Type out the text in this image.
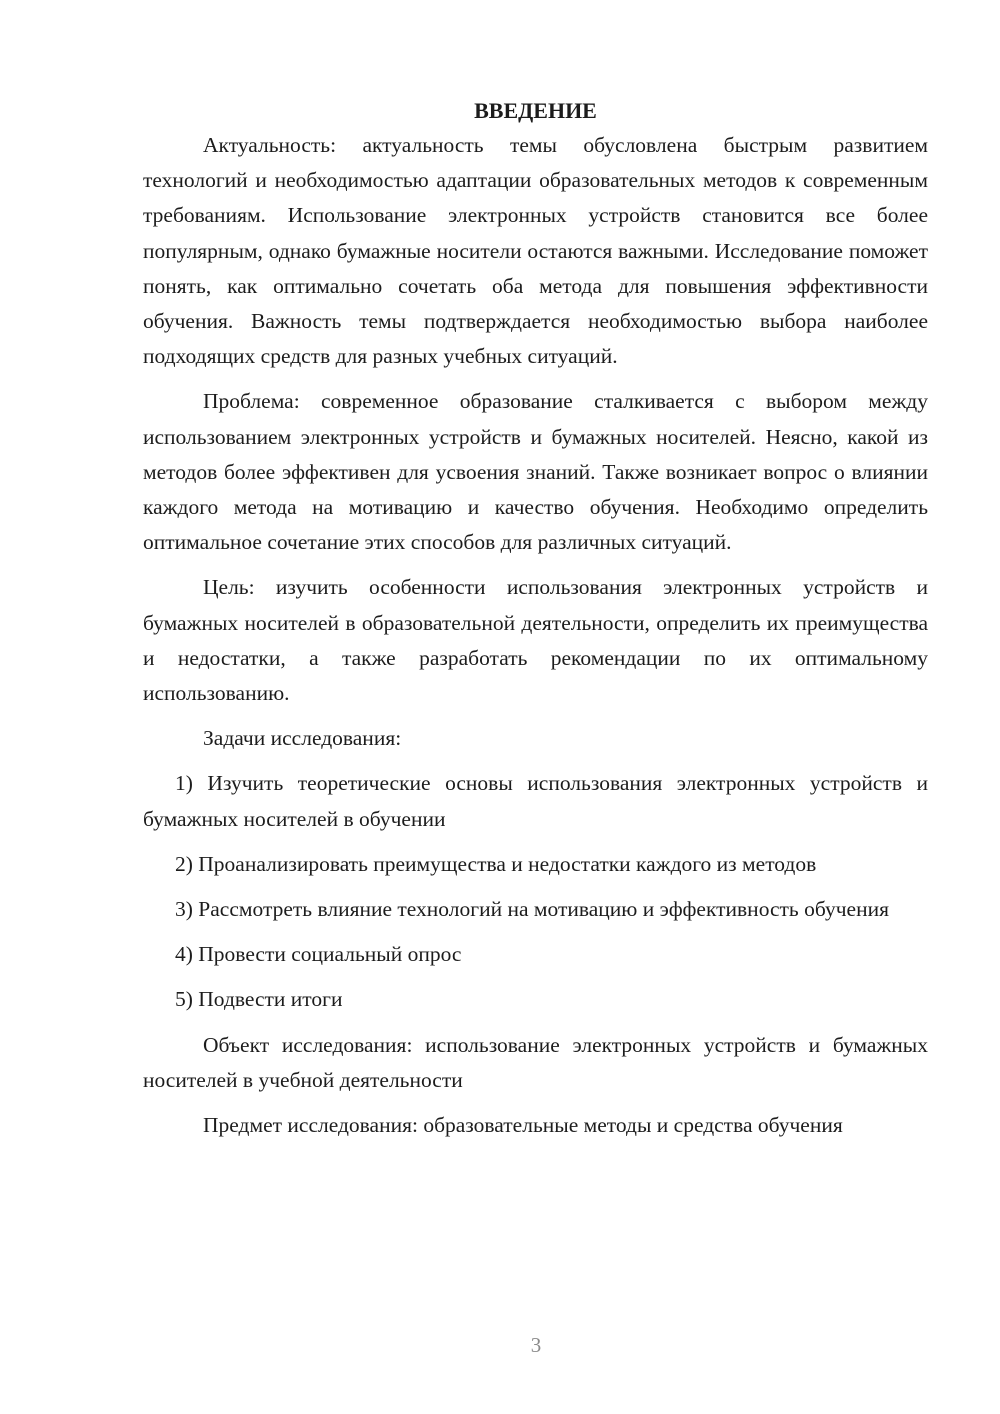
ВВЕДЕНИЕ

Актуальность: актуальность темы обусловлена быстрым развитием технологий и необходимостью адаптации образовательных методов к современным требованиям. Использование электронных устройств становится все более популярным, однако бумажные носители остаются важными. Исследование поможет понять, как оптимально сочетать оба метода для повышения эффективности обучения. Важность темы подтверждается необходимостью выбора наиболее подходящих средств для разных учебных ситуаций.

Проблема: современное образование сталкивается с выбором между использованием электронных устройств и бумажных носителей. Неясно, какой из методов более эффективен для усвоения знаний. Также возникает вопрос о влиянии каждого метода на мотивацию и качество обучения. Необходимо определить оптимальное сочетание этих способов для различных ситуаций.

Цель: изучить особенности использования электронных устройств и бумажных носителей в образовательной деятельности, определить их преимущества и недостатки, а также разработать рекомендации по их оптимальному использованию.

Задачи исследования:

1) Изучить теоретические основы использования электронных устройств и бумажных носителей в обучении

2) Проанализировать преимущества и недостатки каждого из методов

3) Рассмотреть влияние технологий на мотивацию и эффективность обучения

4) Провести социальный опрос

5) Подвести итоги

Объект исследования: использование электронных устройств и бумажных носителей в учебной деятельности

Предмет исследования: образовательные методы и средства обучения

3
